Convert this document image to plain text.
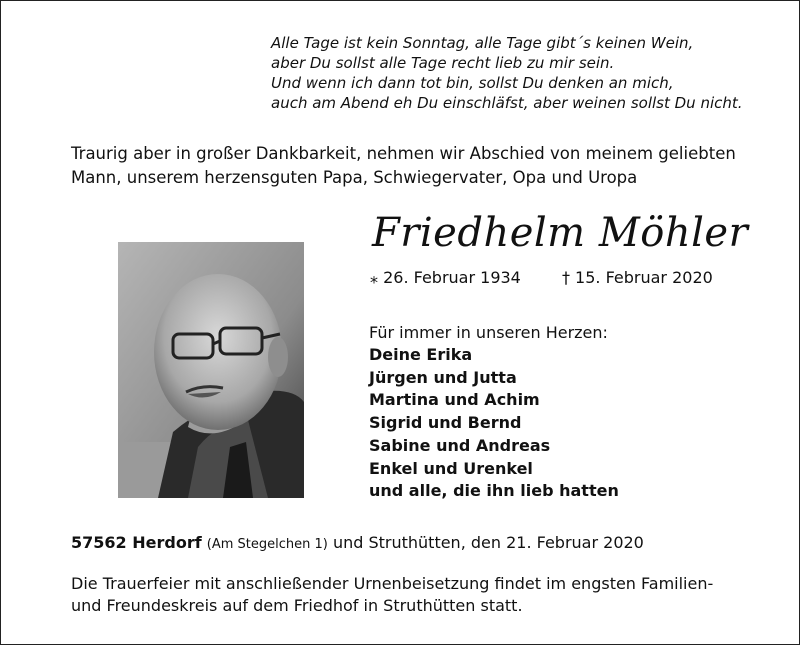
Alle Tage ist kein Sonntag, alle Tage gibt´s keinen Wein,
aber Du sollst alle Tage recht lieb zu mir sein.
Und wenn ich dann tot bin, sollst Du denken an mich,
auch am Abend eh Du einschläfst, aber weinen sollst Du nicht.
Traurig aber in großer Dankbarkeit, nehmen wir Abschied von meinem geliebten
Mann, unserem herzensguten Papa, Schwiegervater, Opa und Uropa
Friedhelm Möhler
⁎ 26. Februar 1934	† 15. Februar 2020
Für immer in unseren Herzen:
Deine Erika
Jürgen und Jutta
Martina und Achim
Sigrid und Bernd
Sabine und Andreas
Enkel und Urenkel
und alle, die ihn lieb hatten
57562 Herdorf (Am Stegelchen 1) und Struthütten, den 21. Februar 2020
Die Trauerfeier mit anschließender Urnenbeisetzung findet im engsten Familien-
und Freundeskreis auf dem Friedhof in Struthütten statt.
